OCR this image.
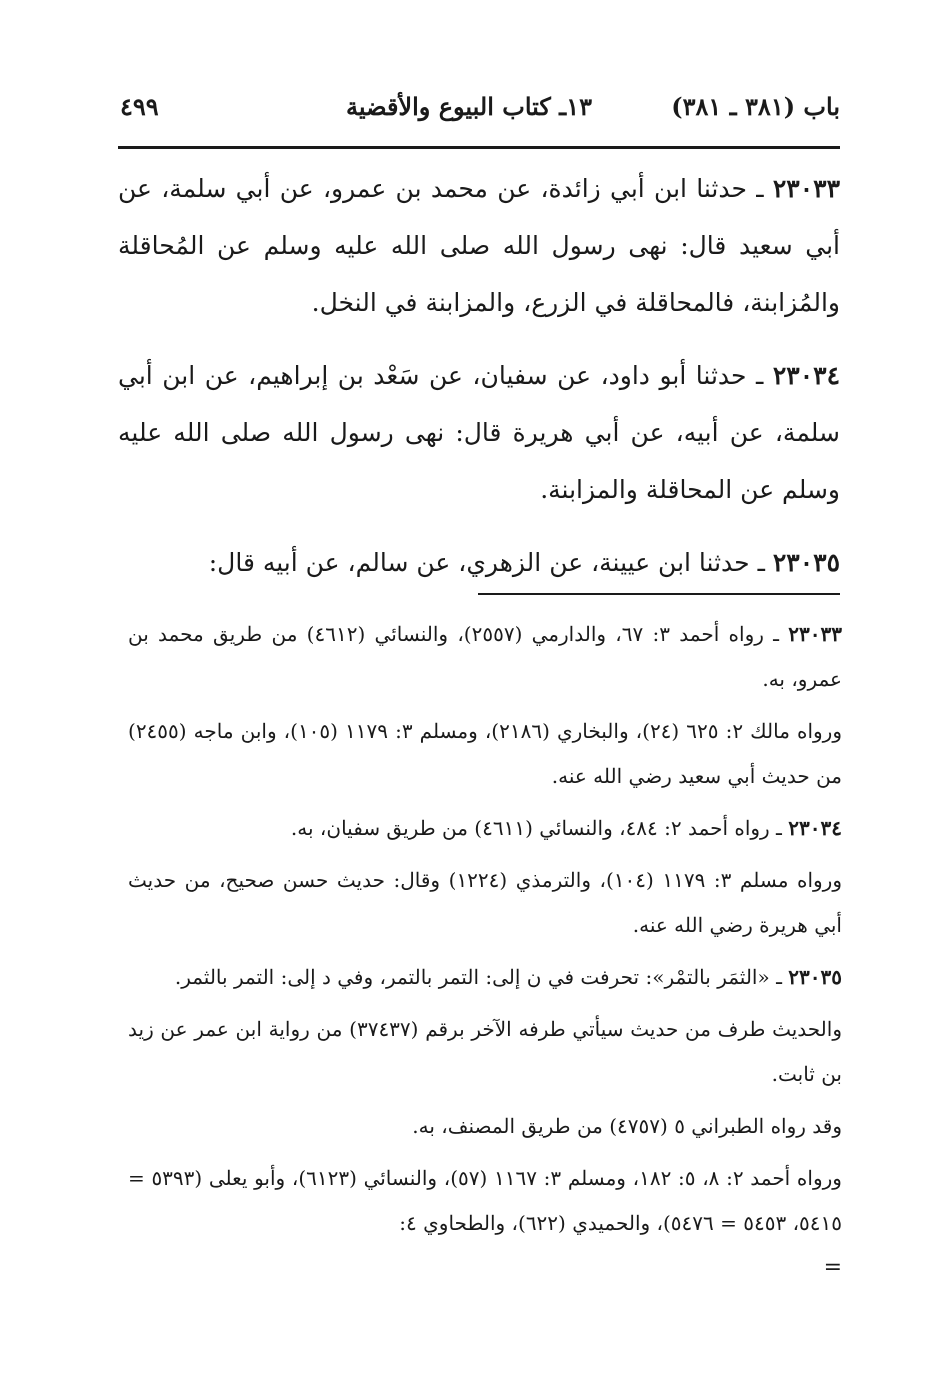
باب (٣٨١ ـ ٣٨١)
١٣ـ كتاب البيوع والأقضية
٤٩٩

٢٣٠٣٣ ـ حدثنا ابن أبي زائدة، عن محمد بن عمرو، عن أبي سلمة، عن أبي سعيد قال: نهى رسول الله صلى الله عليه وسلم عن المُحاقلة والمُزابنة، فالمحاقلة في الزرع، والمزابنة في النخل.

٢٣٠٣٤ ـ حدثنا أبو داود، عن سفيان، عن سَعْد بن إبراهيم، عن ابن أبي سلمة، عن أبيه، عن أبي هريرة قال: نهى رسول الله صلى الله عليه وسلم عن المحاقلة والمزابنة.

٢٣٠٣٥ ـ حدثنا ابن عيينة، عن الزهري، عن سالم، عن أبيه قال:

٢٣٠٣٣ ـ رواه أحمد ٣: ٦٧، والدارمي (٢٥٥٧)، والنسائي (٤٦١٢) من طريق محمد بن عمرو، به.

ورواه مالك ٢: ٦٢٥ (٢٤)، والبخاري (٢١٨٦)، ومسلم ٣: ١١٧٩ (١٠٥)، وابن ماجه (٢٤٥٥) من حديث أبي سعيد رضي الله عنه.

٢٣٠٣٤ ـ رواه أحمد ٢: ٤٨٤، والنسائي (٤٦١١) من طريق سفيان، به.

ورواه مسلم ٣: ١١٧٩ (١٠٤)، والترمذي (١٢٢٤) وقال: حديث حسن صحيح، من حديث أبي هريرة رضي الله عنه.

٢٣٠٣٥ ـ «الثمَر بالتمْر»: تحرفت في ن إلى: التمر بالتمر، وفي د إلى: التمر بالثمر.

والحديث طرف من حديث سيأتي طرفه الآخر برقم (٣٧٤٣٧) من رواية ابن عمر عن زيد بن ثابت.

وقد رواه الطبراني ٥ (٤٧٥٧) من طريق المصنف، به.

ورواه أحمد ٢: ٨، ٥: ١٨٢، ومسلم ٣: ١١٦٧ (٥٧)، والنسائي (٦١٢٣)، وأبو يعلى (٥٣٩٣ = ٥٤١٥، ٥٤٥٣ = ٥٤٧٦)، والحميدي (٦٢٢)، والطحاوي ٤:

=
